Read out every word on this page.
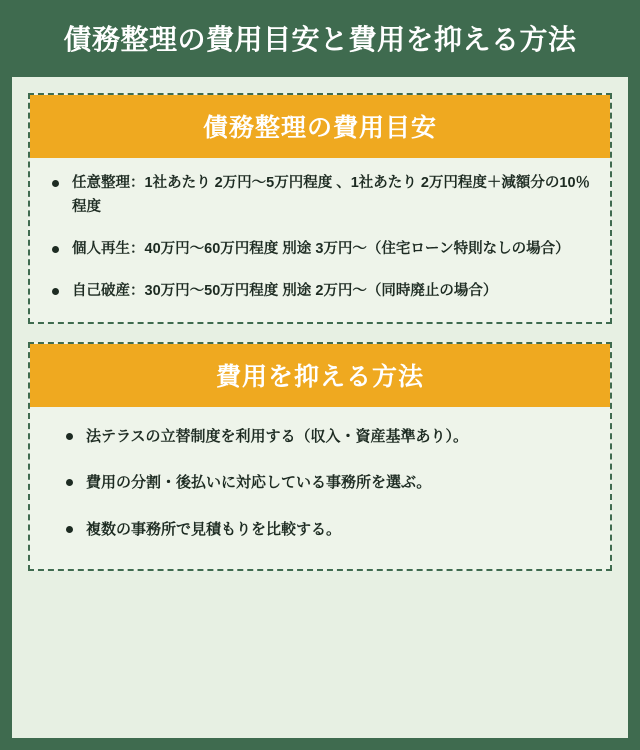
債務整理の費用目安と費用を抑える方法
債務整理の費用目安
任意整理：1社あたり 2万円〜5万円程度 、1社あたり 2万円程度＋減額分の10％程度
個人再生：40万円〜60万円程度 別途 3万円〜（住宅ローン特則なしの場合）
自己破産：30万円〜50万円程度 別途 2万円〜（同時廃止の場合）
費用を抑える方法
法テラスの立替制度を利用する（収入・資産基準あり）。
費用の分割・後払いに対応している事務所を選ぶ。
複数の事務所で見積もりを比較する。
